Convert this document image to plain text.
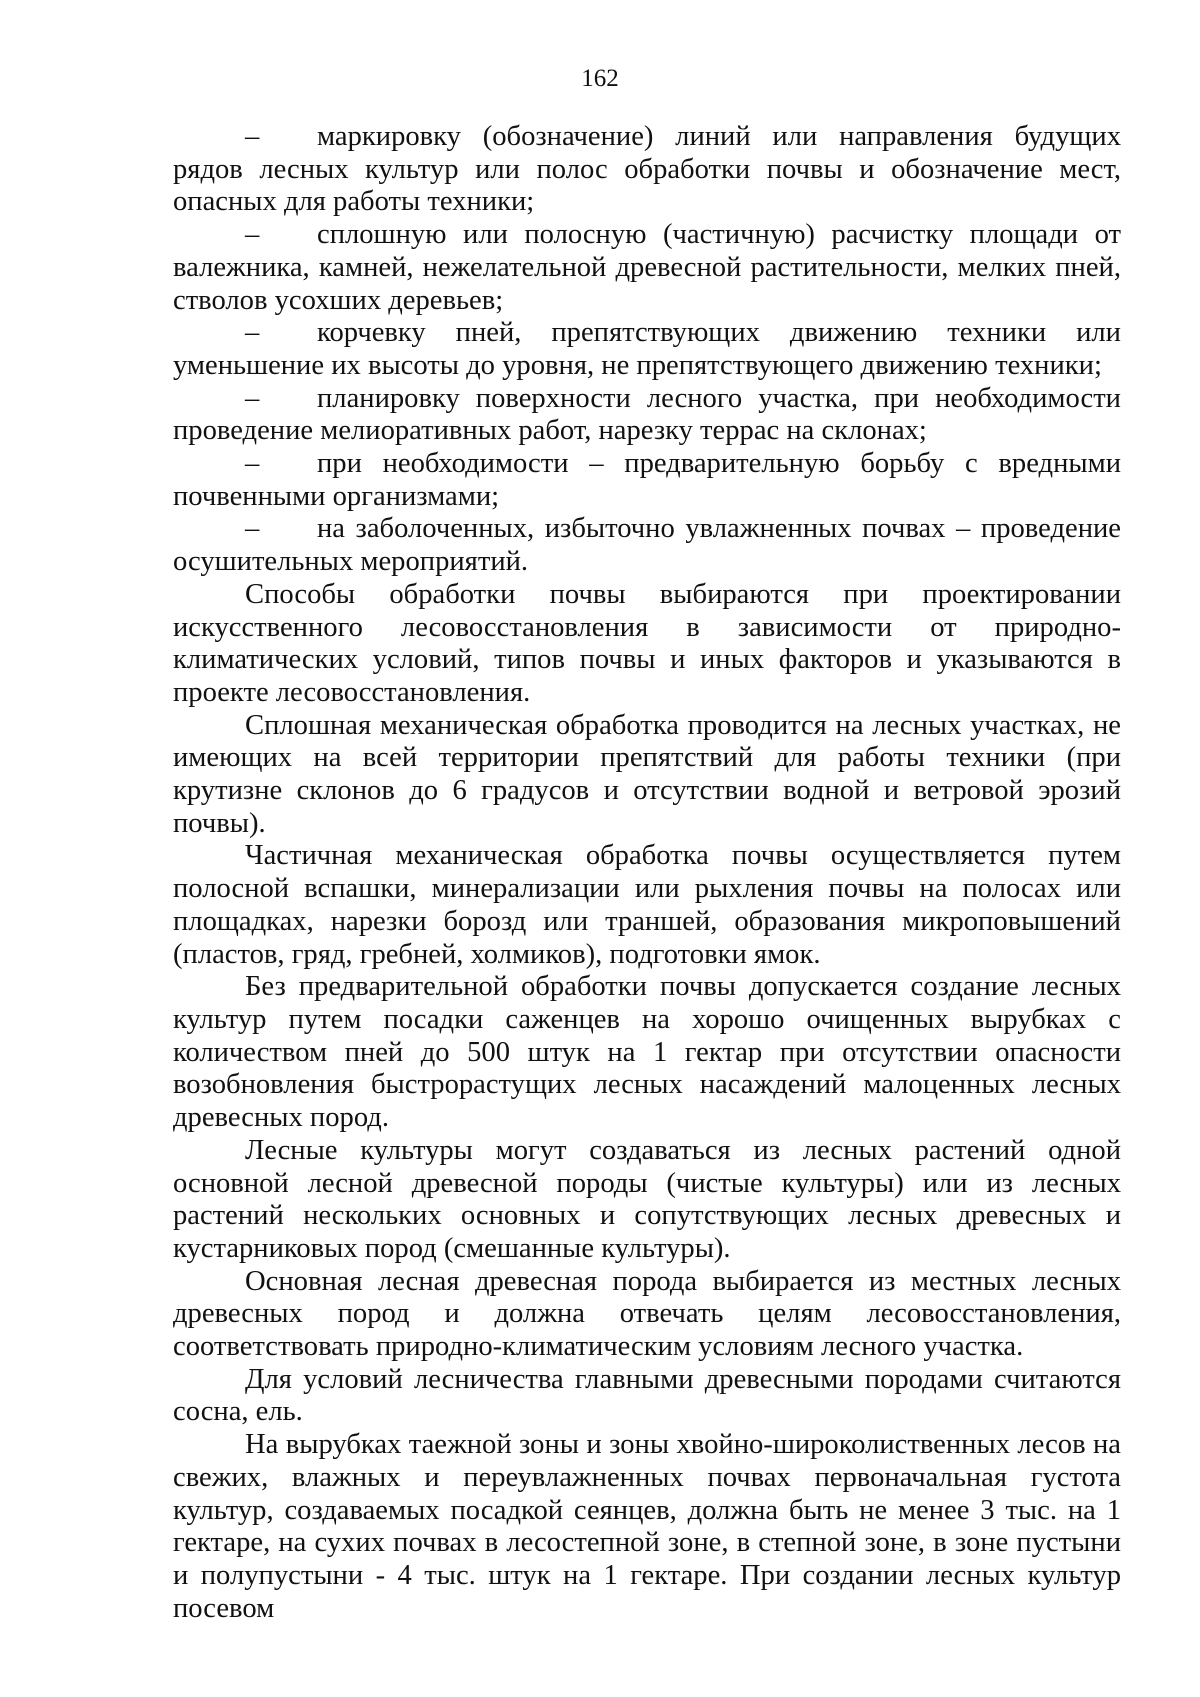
162

– маркировку (обозначение) линий или направления будущих рядов лесных культур или полос обработки почвы и обозначение мест, опасных для работы техники;

– сплошную или полосную (частичную) расчистку площади от валежника, камней, нежелательной древесной растительности, мелких пней, стволов усохших деревьев;

– корчевку пней, препятствующих движению техники или уменьшение их высоты до уровня, не препятствующего движению техники;

– планировку поверхности лесного участка, при необходимости проведение мелиоративных работ, нарезку террас на склонах;

– при необходимости – предварительную борьбу с вредными почвенными организмами;

– на заболоченных, избыточно увлажненных почвах – проведение осушительных мероприятий.

Способы обработки почвы выбираются при проектировании искусственного лесовосстановления в зависимости от природно-климатических условий, типов почвы и иных факторов и указываются в проекте лесовосстановления.

Сплошная механическая обработка проводится на лесных участках, не имеющих на всей территории препятствий для работы техники (при крутизне склонов до 6 градусов и отсутствии водной и ветровой эрозий почвы).

Частичная механическая обработка почвы осуществляется путем полосной вспашки, минерализации или рыхления почвы на полосах или площадках, нарезки борозд или траншей, образования микроповышений (пластов, гряд, гребней, холмиков), подготовки ямок.

Без предварительной обработки почвы допускается создание лесных культур путем посадки саженцев на хорошо очищенных вырубках с количеством пней до 500 штук на 1 гектар при отсутствии опасности возобновления быстрорастущих лесных насаждений малоценных лесных древесных пород.

Лесные культуры могут создаваться из лесных растений одной основной лесной древесной породы (чистые культуры) или из лесных растений нескольких основных и сопутствующих лесных древесных и кустарниковых пород (смешанные культуры).

Основная лесная древесная порода выбирается из местных лесных древесных пород и должна отвечать целям лесовосстановления, соответствовать природно-климатическим условиям лесного участка.

Для условий лесничества главными древесными породами считаются сосна, ель.

На вырубках таежной зоны и зоны хвойно-широколиственных лесов на свежих, влажных и переувлажненных почвах первоначальная густота культур, создаваемых посадкой сеянцев, должна быть не менее 3 тыс. на 1 гектаре, на сухих почвах в лесостепной зоне, в степной зоне, в зоне пустыни и полупустыни - 4 тыс. штук на 1 гектаре. При создании лесных культур посевом
